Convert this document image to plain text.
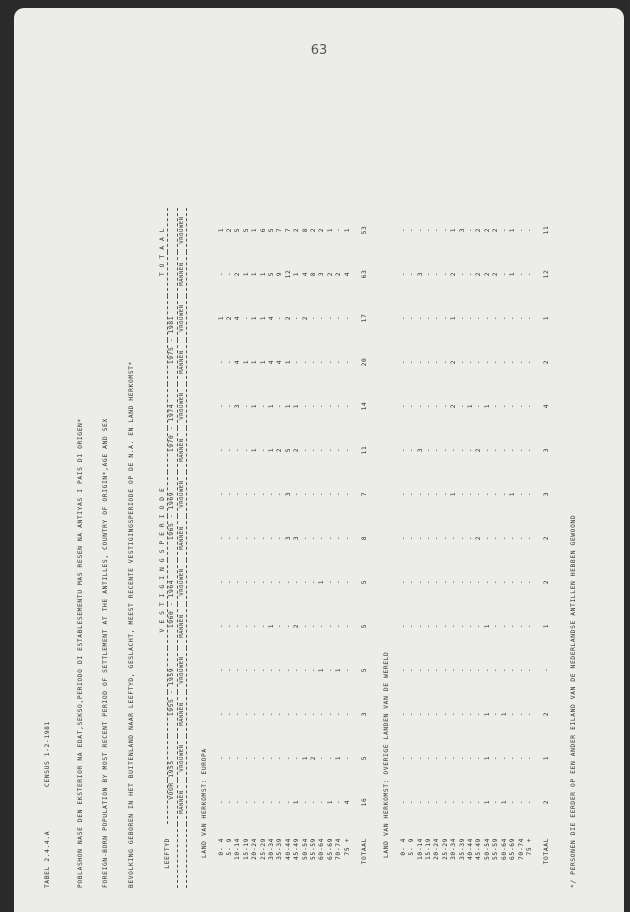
63
TABEL 2.4.4.A          CENSUS 1-2-1981

	POBLASHON NASE DEN EKSTERIOR NA EDAT,SEKSO,PERIODO DI ESTABLESEMENTU MAS RESEN NA ANTIYAS I PAIS DI ORIGEN*

	FOREIGN-BORN POPULATION BY MOST RECENT PERIOD OF SETTLEMENT AT THE ANTILLES, COUNTRY OF ORIGIN*,AGE AND SEX

	BEVOLKING GEBOREN IN HET BUITENLAND NAAR LEEFTYD, GESLACHT, MEEST RECENTE VESTIGINGSPERIODE OP DE N.A. EN LAND HERKOMST*

	LEEFTYD	V E S T I G I N G S P E R I O D E												T O T A A L	
	VOOR 1955		1955 - 1959		1960 - 1964		1965 - 1969		1970 - 1974		1975 - 1981			
	MANNEN	VROUWEN	MANNEN	VROUWEN	MANNEN	VROUWEN	MANNEN	VROUWEN	MANNEN	VROUWEN	MANNEN	VROUWEN	MANNEN	VROUWEN
LAND VAN HERKOMST: EUROPA														
0- 4	-	-	-	-	-	-	-	-	-	-	-	1	-	1
5- 9	-	-	-	-	-	-	-	-	-	-	-	2	-	2
10-14	-	-	-	-	-	-	-	-	-	3	4	4	2	5
15-19	-	-	-	-	-	-	-	-	-	-	1	-	1	5
20-24	-	-	-	-	-	-	-	-	1	1	1	1	1	1
25-29	-	-	-	-	-	-	-	-	-	-	1	1	1	6
30-34	-	-	-	-	1	-	-	-	1	1	4	4	5	5
35-39	-	-	-	-	-	-	-	-	2	-	4	-	9	7
40-44	-	-	-	-	-	-	3	3	5	1	1	2	12	7
45-49	1	-	-	-	2	-	3	-	2	1	-	-	1	2
50-54	-	1	-	-	-	-	-	-	-	-	-	2	4	8
55-59	-	2	-	-	-	-	-	-	-	-	-	-	8	2
60-64	-	-	-	1	-	1	-	-	-	-	-	-	3	2
65-69	1	-	-	-	-	-	-	-	-	-	-	-	2	1
70-74	-	1	-	1	-	-	-	-	-	-	-	-	2	-
75 +	4	-	-	-	-	-	-	-	-	-	-	-	4	1
TOTAAL	16	5	3	5	5	5	8	7	11	14	20	17	63	53
LAND VAN HERKOMST: OVERIGE LANDEN VAN DE WERELD														
0- 4	-	-	-	-	-	-	-	-	-	-	-	-	-	-
5- 9	-	-	-	-	-	-	-	-	-	-	-	-	-	-
10-14	-	-	-	-	-	-	-	-	3	-	-	-	3	-
15-19	-	-	-	-	-	-	-	-	-	-	-	-	-	-
20-24	-	-	-	-	-	-	-	-	-	-	-	-	-	-
25-29	-	-	-	-	-	-	-	-	-	-	-	-	-	-
30-34	-	-	-	-	-	-	-	1	-	2	2	1	2	1
35-39	-	-	-	-	-	-	-	-	-	-	-	-	-	3
40-44	-	-	-	-	-	-	-	-	-	1	-	-	-	-
45-49	-	-	-	-	-	-	2	-	2	-	-	-	2	2
50-54	1	1	1	-	1	-	-	-	-	1	-	-	2	2
55-59	-	-	-	-	-	-	-	-	-	-	-	-	2	2
60-64	1	-	1	-	-	-	-	-	-	-	-	-	-	-
65-69	-	-	-	-	-	-	-	1	-	-	-	-	1	1
70-74	-	-	-	-	-	-	-	-	-	-	-	-	-	-
75 +	-	-	-	-	-	-	-	-	-	-	-	-	-	-
TOTAAL	2	1	2	-	1	2	2	3	3	4	2	1	12	11
*/ PERSONEN DIE EERDER OP EEN ANDER EILAND VAN DE NEDERLANDSE ANTILLEN HEBBEN GEWOOND
